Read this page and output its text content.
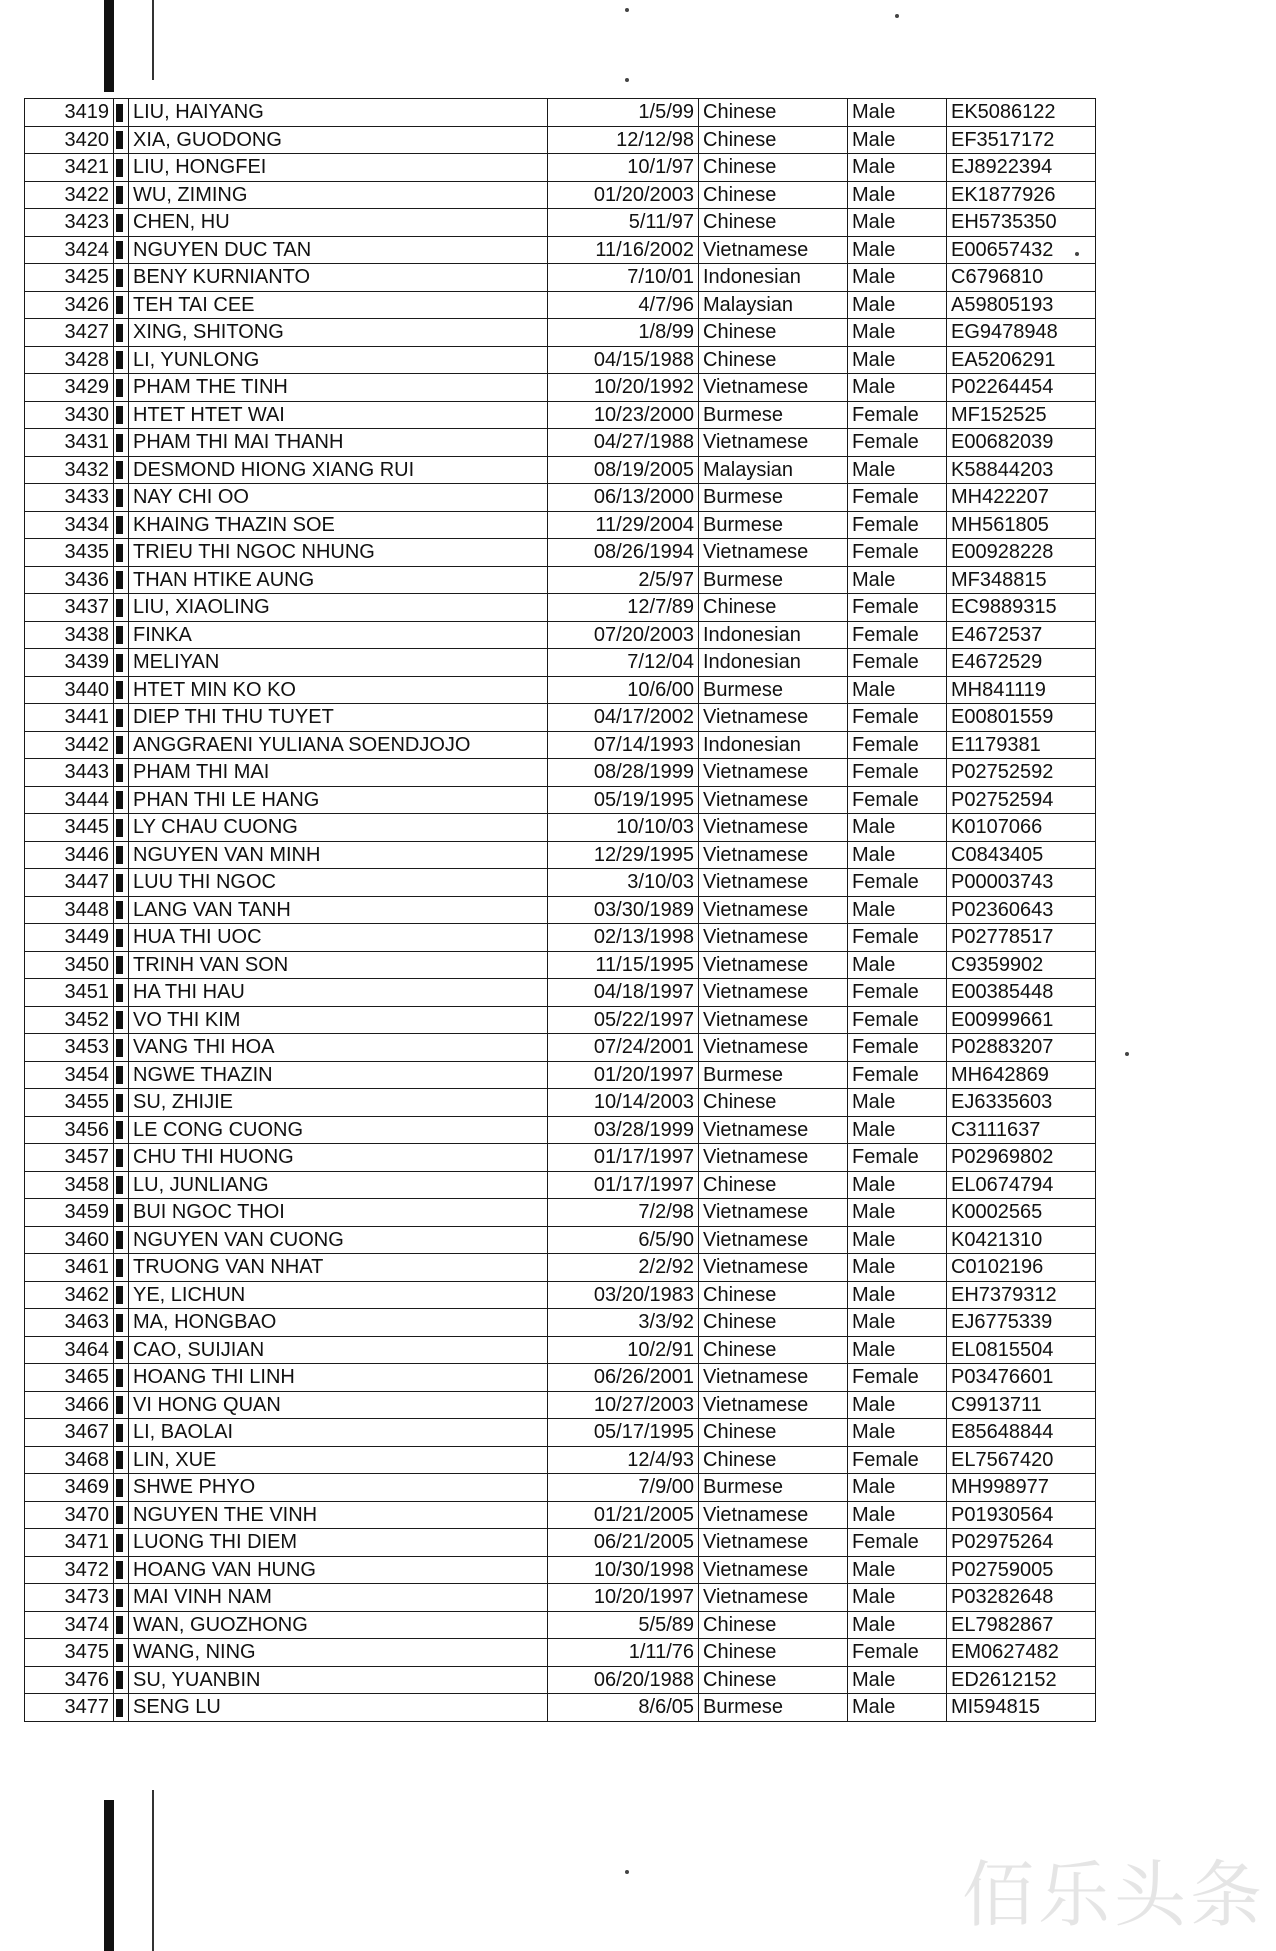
3419		LIU, HAIYANG	1/5/99	Chinese	Male	EK5086122
3420		XIA, GUODONG	12/12/98	Chinese	Male	EF3517172
3421		LIU, HONGFEI	10/1/97	Chinese	Male	EJ8922394
3422		WU, ZIMING	01/20/2003	Chinese	Male	EK1877926
3423		CHEN, HU	5/11/97	Chinese	Male	EH5735350
3424		NGUYEN DUC TAN	11/16/2002	Vietnamese	Male	E00657432
3425		BENY KURNIANTO	7/10/01	Indonesian	Male	C6796810
3426		TEH TAI CEE	4/7/96	Malaysian	Male	A59805193
3427		XING, SHITONG	1/8/99	Chinese	Male	EG9478948
3428		LI, YUNLONG	04/15/1988	Chinese	Male	EA5206291
3429		PHAM THE TINH	10/20/1992	Vietnamese	Male	P02264454
3430		HTET HTET WAI	10/23/2000	Burmese	Female	MF152525
3431		PHAM THI MAI THANH	04/27/1988	Vietnamese	Female	E00682039
3432		DESMOND HIONG XIANG RUI	08/19/2005	Malaysian	Male	K58844203
3433		NAY CHI OO	06/13/2000	Burmese	Female	MH422207
3434		KHAING THAZIN SOE	11/29/2004	Burmese	Female	MH561805
3435		TRIEU THI NGOC NHUNG	08/26/1994	Vietnamese	Female	E00928228
3436		THAN HTIKE AUNG	2/5/97	Burmese	Male	MF348815
3437		LIU, XIAOLING	12/7/89	Chinese	Female	EC9889315
3438		FINKA	07/20/2003	Indonesian	Female	E4672537
3439		MELIYAN	7/12/04	Indonesian	Female	E4672529
3440		HTET MIN KO KO	10/6/00	Burmese	Male	MH841119
3441		DIEP THI THU TUYET	04/17/2002	Vietnamese	Female	E00801559
3442		ANGGRAENI YULIANA SOENDJOJO	07/14/1993	Indonesian	Female	E1179381
3443		PHAM THI MAI	08/28/1999	Vietnamese	Female	P02752592
3444		PHAN THI LE HANG	05/19/1995	Vietnamese	Female	P02752594
3445		LY CHAU CUONG	10/10/03	Vietnamese	Male	K0107066
3446		NGUYEN VAN MINH	12/29/1995	Vietnamese	Male	C0843405
3447		LUU THI NGOC	3/10/03	Vietnamese	Female	P00003743
3448		LANG VAN TANH	03/30/1989	Vietnamese	Male	P02360643
3449		HUA THI UOC	02/13/1998	Vietnamese	Female	P02778517
3450		TRINH VAN SON	11/15/1995	Vietnamese	Male	C9359902
3451		HA THI HAU	04/18/1997	Vietnamese	Female	E00385448
3452		VO THI KIM	05/22/1997	Vietnamese	Female	E00999661
3453		VANG THI HOA	07/24/2001	Vietnamese	Female	P02883207
3454		NGWE THAZIN	01/20/1997	Burmese	Female	MH642869
3455		SU, ZHIJIE	10/14/2003	Chinese	Male	EJ6335603
3456		LE CONG CUONG	03/28/1999	Vietnamese	Male	C3111637
3457		CHU THI HUONG	01/17/1997	Vietnamese	Female	P02969802
3458		LU, JUNLIANG	01/17/1997	Chinese	Male	EL0674794
3459		BUI NGOC THOI	7/2/98	Vietnamese	Male	K0002565
3460		NGUYEN VAN CUONG	6/5/90	Vietnamese	Male	K0421310
3461		TRUONG VAN NHAT	2/2/92	Vietnamese	Male	C0102196
3462		YE, LICHUN	03/20/1983	Chinese	Male	EH7379312
3463		MA, HONGBAO	3/3/92	Chinese	Male	EJ6775339
3464		CAO, SUIJIAN	10/2/91	Chinese	Male	EL0815504
3465		HOANG THI LINH	06/26/2001	Vietnamese	Female	P03476601
3466		VI HONG QUAN	10/27/2003	Vietnamese	Male	C9913711
3467		LI, BAOLAI	05/17/1995	Chinese	Male	E85648844
3468		LIN, XUE	12/4/93	Chinese	Female	EL7567420
3469		SHWE PHYO	7/9/00	Burmese	Male	MH998977
3470		NGUYEN THE VINH	01/21/2005	Vietnamese	Male	P01930564
3471		LUONG THI DIEM	06/21/2005	Vietnamese	Female	P02975264
3472		HOANG VAN HUNG	10/30/1998	Vietnamese	Male	P02759005
3473		MAI VINH NAM	10/20/1997	Vietnamese	Male	P03282648
3474		WAN, GUOZHONG	5/5/89	Chinese	Male	EL7982867
3475		WANG, NING	1/11/76	Chinese	Female	EM0627482
3476		SU, YUANBIN	06/20/1988	Chinese	Male	ED2612152
3477		SENG LU	8/6/05	Burmese	Male	MI594815
佰乐头条
